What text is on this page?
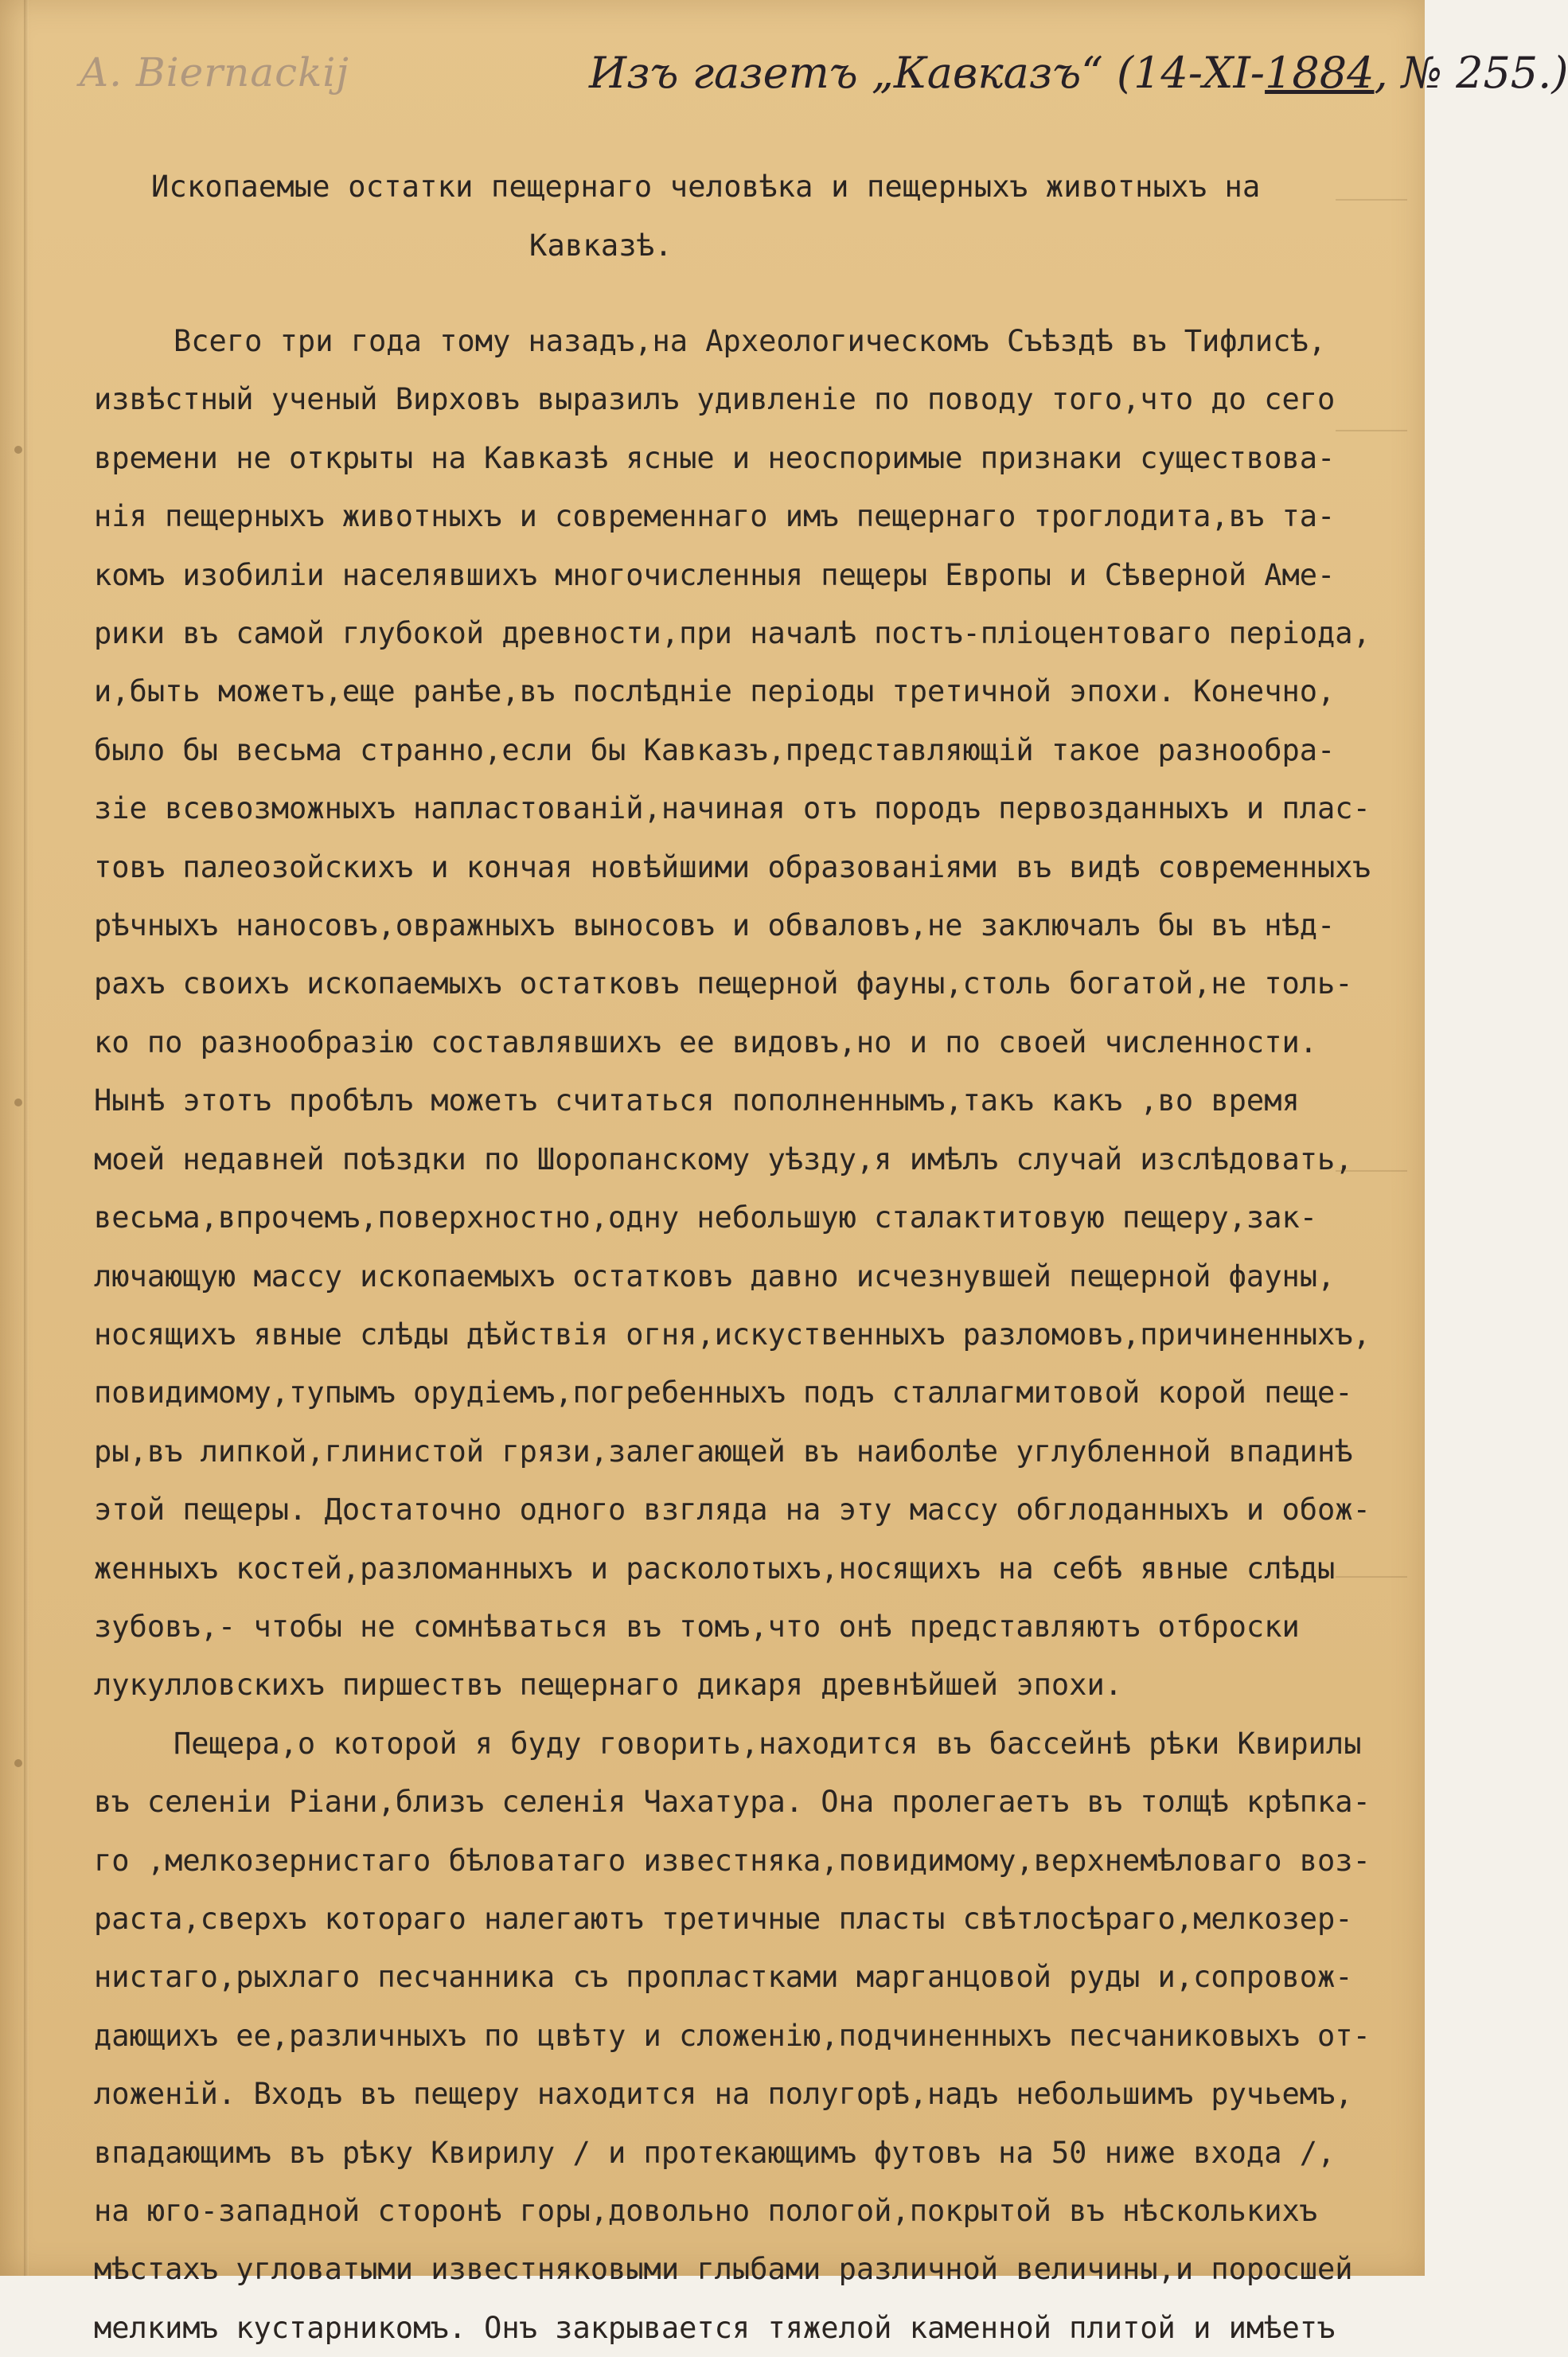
A. Biernackij	Изъ газетъ „Кавказъ“ (14-XI-1884, № 255.)
Ископаемые остатки пещернаго человѣка и пещерныхъ животныхъ на
Кавказѣ.
Всего три года тому назадъ,на Археологическомъ Съѣздѣ въ Тифлисѣ,
извѣстный ученый Вирховъ выразилъ удивленіе по поводу того,что до сего
времени не открыты на Кавказѣ ясные и неоспоримые признаки существова-
нія пещерныхъ животныхъ и современнаго имъ пещернаго троглодита,въ та-
комъ изобиліи населявшихъ многочисленныя пещеры Европы и Сѣверной Аме-
рики въ самой глубокой древности,при началѣ постъ-пліоцентоваго періода,
и,быть можетъ,еще ранѣе,въ послѣдніе періоды третичной эпохи. Конечно,
было бы весьма странно,если бы Кавказъ,представляющій такое разнообра-
зіе всевозможныхъ напластованій,начиная отъ породъ первозданныхъ и плас-
товъ палеозойскихъ и кончая новѣйшими образованіями въ видѣ современныхъ
рѣчныхъ наносовъ,овражныхъ выносовъ и обваловъ,не заключалъ бы въ нѣд-
рахъ своихъ ископаемыхъ остатковъ пещерной фауны,столь богатой,не толь-
ко по разнообразію составлявшихъ ее видовъ,но и по своей численности.
Нынѣ этотъ пробѣлъ можетъ считаться пополненнымъ,такъ какъ ,во время
моей недавней поѣздки по Шоропанскому уѣзду,я имѣлъ случай изслѣдовать,
весьма,впрочемъ,поверхностно,одну небольшую сталактитовую пещеру,зак-
лючающую массу ископаемыхъ остатковъ давно исчезнувшей пещерной фауны,
носящихъ явные слѣды дѣйствія огня,искуственныхъ разломовъ,причиненныхъ,
повидимому,тупымъ орудіемъ,погребенныхъ подъ сталлагмитовой корой пеще-
ры,въ липкой,глинистой грязи,залегающей въ наиболѣе углубленной впадинѣ
этой пещеры. Достаточно одного взгляда на эту массу обглоданныхъ и обож-
женныхъ костей,разломанныхъ и расколотыхъ,носящихъ на себѣ явные слѣды
зубовъ,- чтобы не сомнѣваться въ томъ,что онѣ представляютъ отброски
лукулловскихъ пиршествъ пещернаго дикаря древнѣйшей эпохи.
Пещера,о которой я буду говорить,находится въ бассейнѣ рѣки Квирилы
въ селеніи Ріани,близъ селенія Чахатура. Она пролегаетъ въ толщѣ крѣпка-
го ,мелкозернистаго бѣловатаго известняка,повидимому,верхнемѣловаго воз-
раста,сверхъ котораго налегаютъ третичные пласты свѣтлосѣраго,мелкозер-
нистаго,рыхлаго песчанника съ пропластками марганцовой руды и,сопровож-
дающихъ ее,различныхъ по цвѣту и сложенію,подчиненныхъ песчаниковыхъ от-
ложеній. Входъ въ пещеру находится на полугорѣ,надъ небольшимъ ручьемъ,
впадающимъ въ рѣку Квирилу / и протекающимъ футовъ на 50 ниже входа /,
на юго-западной сторонѣ горы,довольно пологой,покрытой въ нѣсколькихъ
мѣстахъ угловатыми известняковыми глыбами различной величины,и поросшей
мелкимъ кустарникомъ. Онъ закрывается тяжелой каменной плитой и имѣетъ
